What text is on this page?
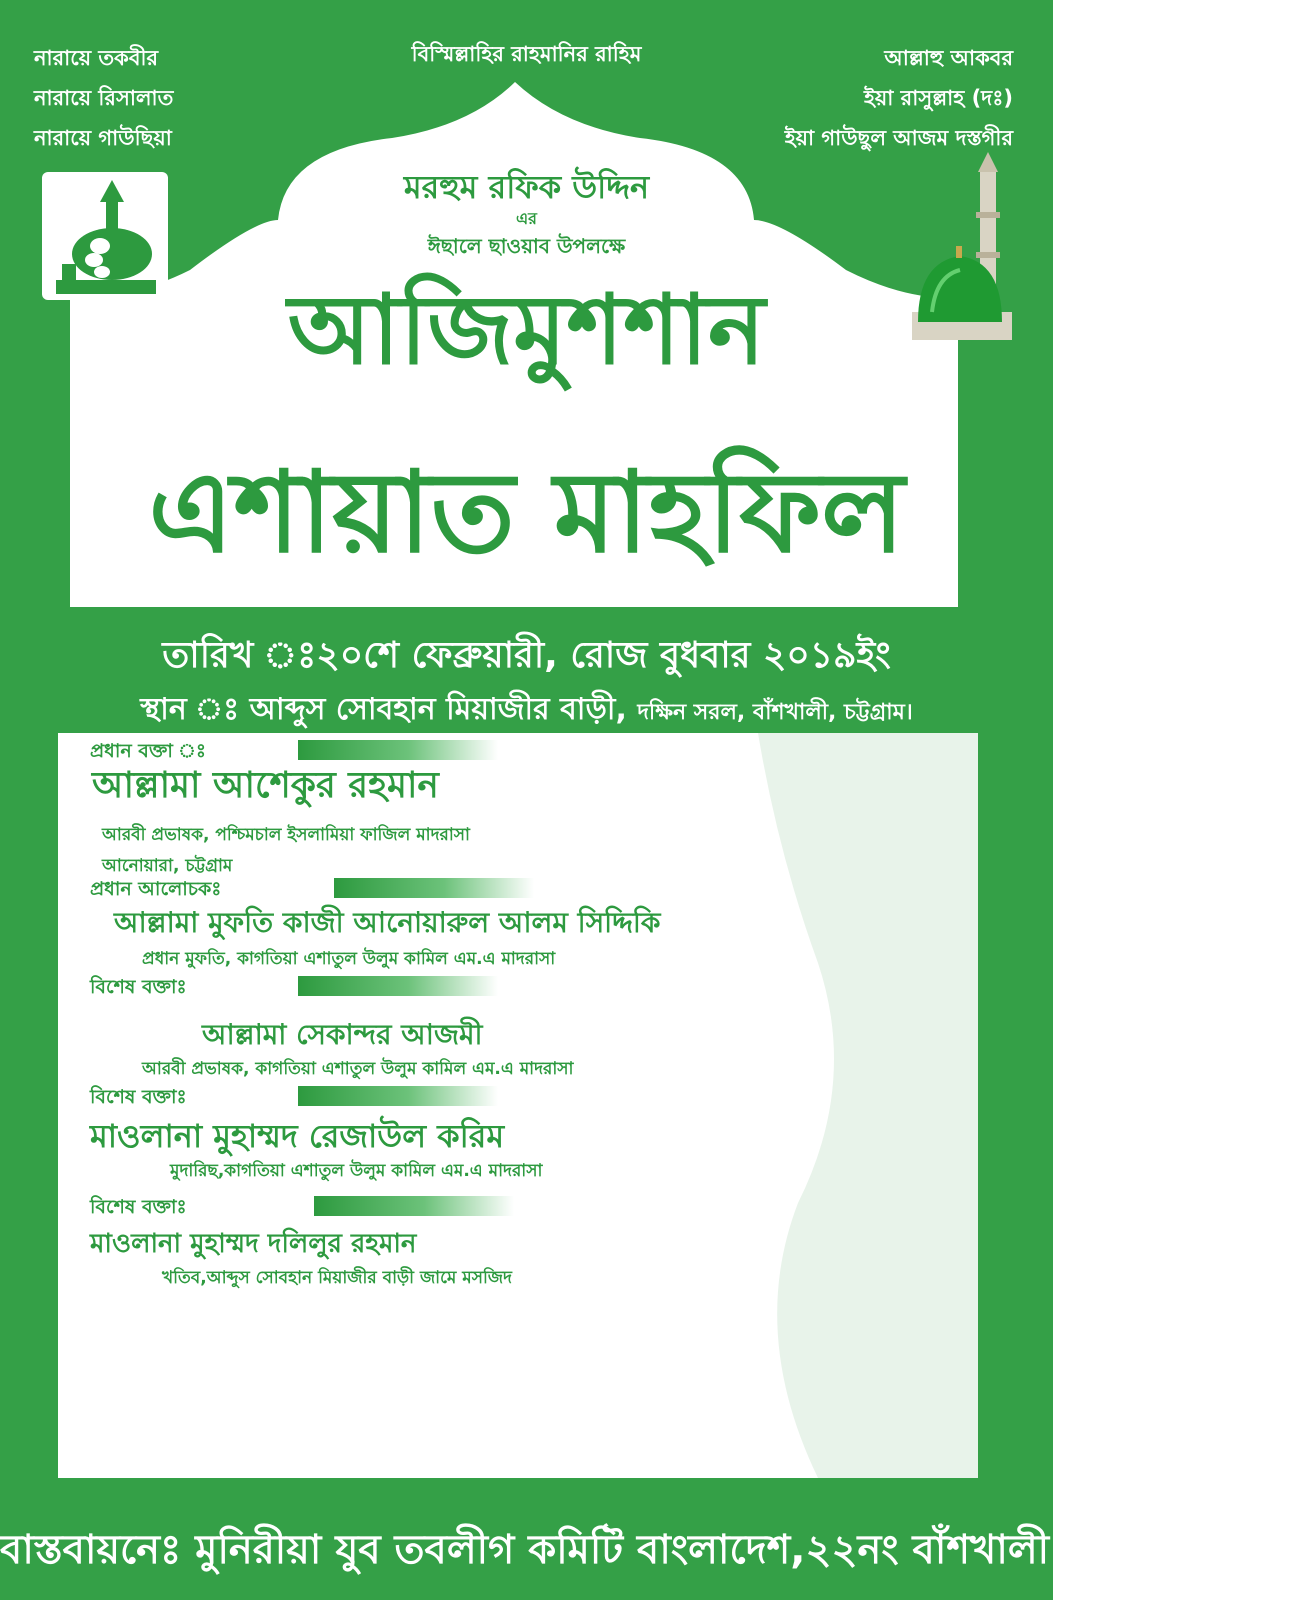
নারায়ে তকবীর
নারায়ে রিসালাত
নারায়ে গাউছিয়া
বিস্মিল্লাহির রাহমানির রাহিম	আল্লাহু আকবর
ইয়া রাসুল্লাহ (দঃ)
ইয়া গাউছুল আজম দস্তগীর
মরহুম রফিক উদ্দিন
এর
ঈছালে ছাওয়াব উপলক্ষে
আজিমুশশান
এশায়াত মাহফিল
তারিখ ঃ২০শে ফেব্রুয়ারী, রোজ বুধবার ২০১৯ইং
স্থান ঃ আব্দুস সোবহান মিয়াজীর বাড়ী, দক্ষিন সরল, বাঁশখালী, চট্টগ্রাম।
প্রধান বক্তা ঃ
আল্লামা আশেকুর রহমান
আরবী প্রভাষক, পশ্চিমচাল ইসলামিয়া ফাজিল মাদরাসা
আনোয়ারা, চট্টগ্রাম
প্রধান আলোচকঃ
আল্লামা মুফতি কাজী আনোয়ারুল আলম সিদ্দিকি
প্রধান মুফতি, কাগতিয়া এশাতুল উলুম কামিল এম.এ মাদরাসা
বিশেষ বক্তাঃ
আল্লামা সেকান্দর আজমী
আরবী প্রভাষক, কাগতিয়া এশাতুল উলুম কামিল এম.এ মাদরাসা
বিশেষ বক্তাঃ
মাওলানা মুহাম্মদ রেজাউল করিম
মুদারিছ,কাগতিয়া এশাতুল উলুম কামিল এম.এ মাদরাসা
বিশেষ বক্তাঃ
মাওলানা মুহাম্মদ দলিলুর রহমান
খতিব,আব্দুস সোবহান মিয়াজীর বাড়ী জামে মসজিদ
বাস্তবায়নেঃ মুনিরীয়া যুব তবলীগ কমিটি বাংলাদেশ,২২নং বাঁশখালী পৌরসভা শাখা
